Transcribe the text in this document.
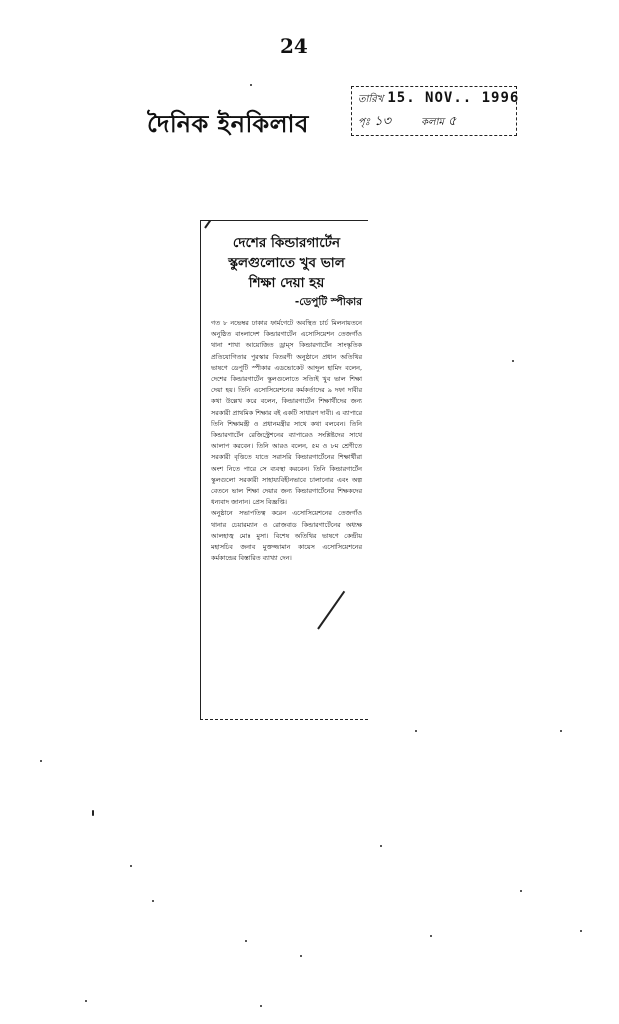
24
দৈনিক ইনকিলাব
তারিখ 15. NOV.. 1996
পৃঃ ১৩	কলাম ৫
দেশের কিন্ডারগার্টেন
স্কুলগুলোতে খুব ভাল
শিক্ষা দেয়া হয়
-ডেপুটি স্পীকার

গত ৮ নভেম্বর ঢাকার ফার্মগেটে অবস্থিত চার্চ মিলনায়তনে অনুষ্ঠিত বাংলাদেশ কিন্ডারগার্টেন এসোসিয়েশন তেজগাঁও থানা শাখা আয়োজিত ড্রাম্স কিন্ডারগার্টেন সাংস্কৃতিক প্রতিযোগিতার পুরস্কার বিতরণী অনুষ্ঠানে প্রধান অতিথির ভাষণে ডেপুটি স্পীকার এডভোকেট আব্দুল হামিদ বলেন, দেশের কিন্ডারগার্টেন স্কুলগুলোতে সত্যিই খুব ভাল শিক্ষা দেয়া হয়। তিনি এসোসিয়েশনের কর্মকর্তাদের ৯ দফা দাবীর কথা উল্লেখ করে বলেন, কিন্ডারগার্টেন শিক্ষার্থীদের জন্য সরকারী প্রাথমিক শিক্ষার বই একটি সাধারণ দাবী। এ ব্যাপারে তিনি শিক্ষামন্ত্রী ও প্রধানমন্ত্রীর সাথে কথা বলবেন। তিনি কিন্ডারগার্টেন রেজিস্ট্রেশনের ব্যাপারেও সংশ্লিষ্টদের সাথে আলাপ করবেন। তিনি আরও বলেন, ৫ম ও ৮ম শ্রেণীতে সরকারী বৃত্তিতে যাতে সরাসরি কিন্ডারগার্টেনের শিক্ষার্থীরা অংশ নিতে পারে সে ব্যবস্থা করবেন। তিনি কিন্ডারগার্টেন স্কুলগুলো সরকারী সাহায্যবিহীনভাবে চালানোর এবং অল্প বেতনে ভাল শিক্ষা দেয়ার জন্য কিন্ডারগার্টেনের শিক্ষকদের ধন্যবাদ জানান। প্রেস বিজ্ঞপ্তি।

অনুষ্ঠানে সভাপতিত্ব করেন এসোসিয়েশনের তেজগাঁও থানার চেয়ারম্যান ও রোজবাড কিন্ডারগার্টেনের অধ্যক্ষ আলহাজ্ব মোঃ মুসা। বিশেষ অতিথির ভাষণে কেন্দ্রীয় মহাসচিব জনাব মুক্তজ্জামান কায়েস এসোসিয়েশনের কর্মকান্ডের বিস্তারিত ব্যাখ্যা দেন।
